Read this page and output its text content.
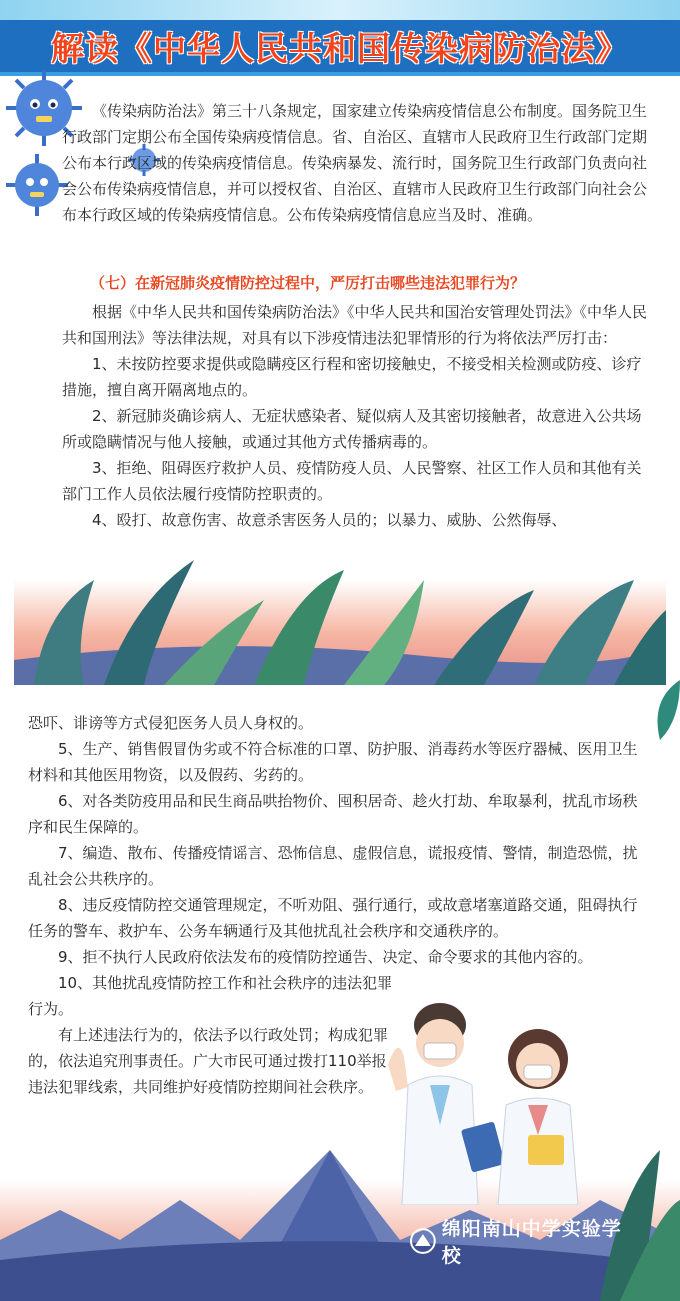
解读《中华人民共和国传染病防治法》

《传染病防治法》第三十八条规定，国家建立传染病疫情信息公布制度。国务院卫生行政部门定期公布全国传染病疫情信息。省、自治区、直辖市人民政府卫生行政部门定期公布本行政区域的传染病疫情信息。传染病暴发、流行时，国务院卫生行政部门负责向社会公布传染病疫情信息，并可以授权省、自治区、直辖市人民政府卫生行政部门向社会公布本行政区域的传染病疫情信息。公布传染病疫情信息应当及时、准确。

（七）在新冠肺炎疫情防控过程中，严厉打击哪些违法犯罪行为？

根据《中华人民共和国传染病防治法》《中华人民共和国治安管理处罚法》《中华人民共和国刑法》等法律法规，对具有以下涉疫情违法犯罪情形的行为将依法严厉打击：

1、未按防控要求提供或隐瞒疫区行程和密切接触史，不接受相关检测或防疫、诊疗措施，擅自离开隔离地点的。

2、新冠肺炎确诊病人、无症状感染者、疑似病人及其密切接触者，故意进入公共场所或隐瞒情况与他人接触，或通过其他方式传播病毒的。

3、拒绝、阻碍医疗救护人员、疫情防疫人员、人民警察、社区工作人员和其他有关部门工作人员依法履行疫情防控职责的。

4、殴打、故意伤害、故意杀害医务人员的；以暴力、威胁、公然侮辱、

恐吓、诽谤等方式侵犯医务人员人身权的。

5、生产、销售假冒伪劣或不符合标准的口罩、防护服、消毒药水等医疗器械、医用卫生材料和其他医用物资，以及假药、劣药的。

6、对各类防疫用品和民生商品哄抬物价、囤积居奇、趁火打劫、牟取暴利，扰乱市场秩序和民生保障的。

7、编造、散布、传播疫情谣言、恐怖信息、虚假信息，谎报疫情、警情，制造恐慌，扰乱社会公共秩序的。

8、违反疫情防控交通管理规定，不听劝阻、强行通行，或故意堵塞道路交通，阻碍执行任务的警车、救护车、公务车辆通行及其他扰乱社会秩序和交通秩序的。

9、拒不执行人民政府依法发布的疫情防控通告、决定、命令要求的其他内容的。

10、其他扰乱疫情防控工作和社会秩序的违法犯罪行为。

有上述违法行为的，依法予以行政处罚；构成犯罪的，依法追究刑事责任。广大市民可通过拨打110举报违法犯罪线索，共同维护好疫情防控期间社会秩序。

绵阳南山中学实验学校
